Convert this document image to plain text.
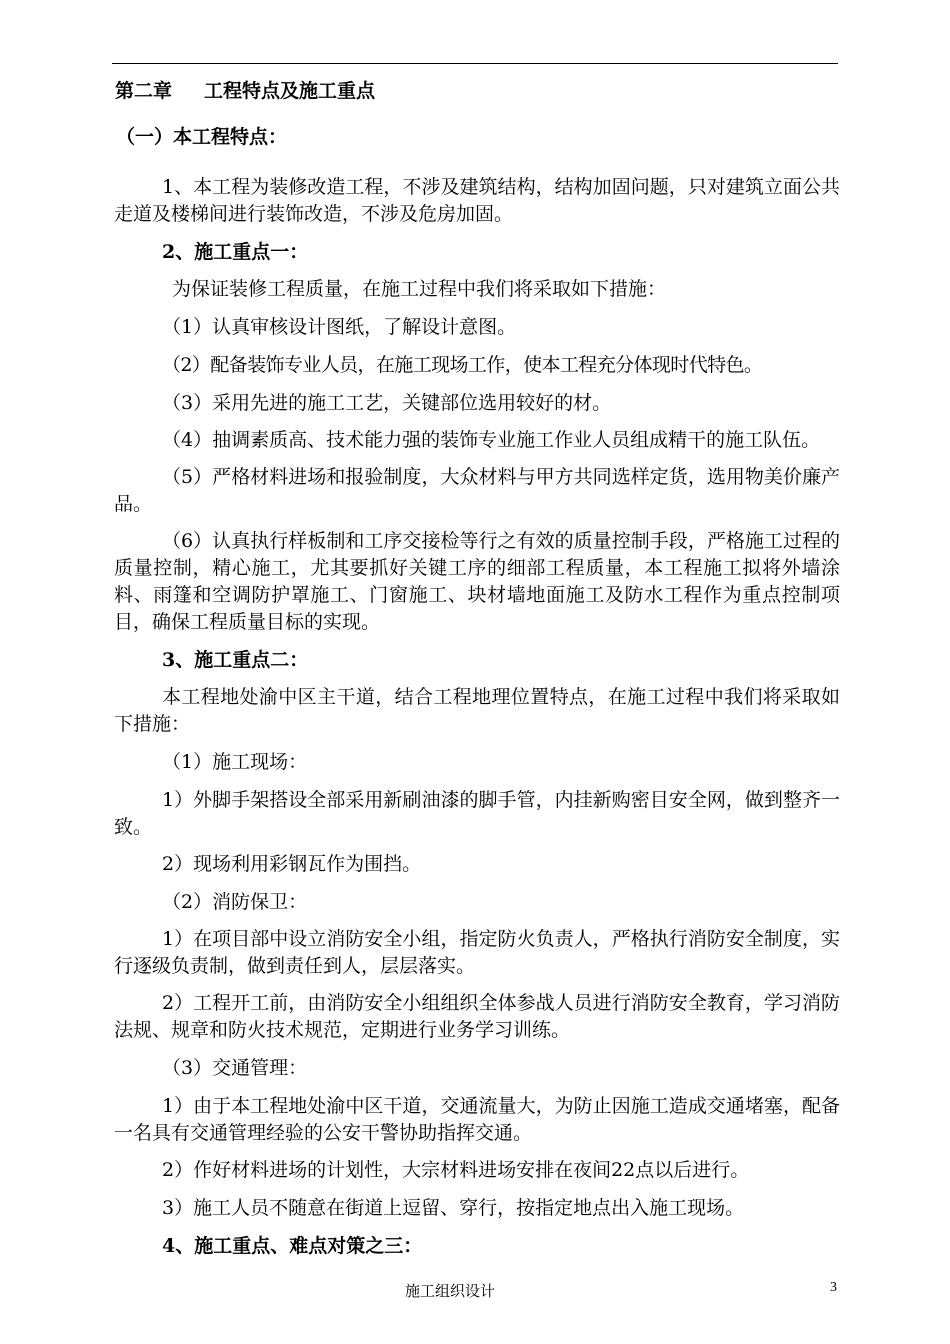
第二章 工程特点及施工重点

（一）本工程特点：

1、本工程为装修改造工程，不涉及建筑结构，结构加固问题，只对建筑立面公共走道及楼梯间进行装饰改造，不涉及危房加固。

2、施工重点一：

为保证装修工程质量，在施工过程中我们将采取如下措施：

（1）认真审核设计图纸，了解设计意图。

（2）配备装饰专业人员，在施工现场工作，使本工程充分体现时代特色。

（3）采用先进的施工工艺，关键部位选用较好的材。

（4）抽调素质高、技术能力强的装饰专业施工作业人员组成精干的施工队伍。

（5）严格材料进场和报验制度，大众材料与甲方共同选样定货，选用物美价廉产品。

（6）认真执行样板制和工序交接检等行之有效的质量控制手段，严格施工过程的质量控制，精心施工，尤其要抓好关键工序的细部工程质量，本工程施工拟将外墙涂料、雨篷和空调防护罩施工、门窗施工、块材墙地面施工及防水工程作为重点控制项目，确保工程质量目标的实现。

3、施工重点二：

本工程地处渝中区主干道，结合工程地理位置特点，在施工过程中我们将采取如下措施：

（1）施工现场：

1）外脚手架搭设全部采用新刷油漆的脚手管，内挂新购密目安全网，做到整齐一致。

2）现场利用彩钢瓦作为围挡。

（2）消防保卫：

1）在项目部中设立消防安全小组，指定防火负责人，严格执行消防安全制度，实行逐级负责制，做到责任到人，层层落实。

2）工程开工前，由消防安全小组组织全体参战人员进行消防安全教育，学习消防法规、规章和防火技术规范，定期进行业务学习训练。

（3）交通管理：

1）由于本工程地处渝中区干道，交通流量大，为防止因施工造成交通堵塞，配备一名具有交通管理经验的公安干警协助指挥交通。

2）作好材料进场的计划性，大宗材料进场安排在夜间22点以后进行。

3）施工人员不随意在街道上逗留、穿行，按指定地点出入施工现场。

4、施工重点、难点对策之三：

施工组织设计	3
